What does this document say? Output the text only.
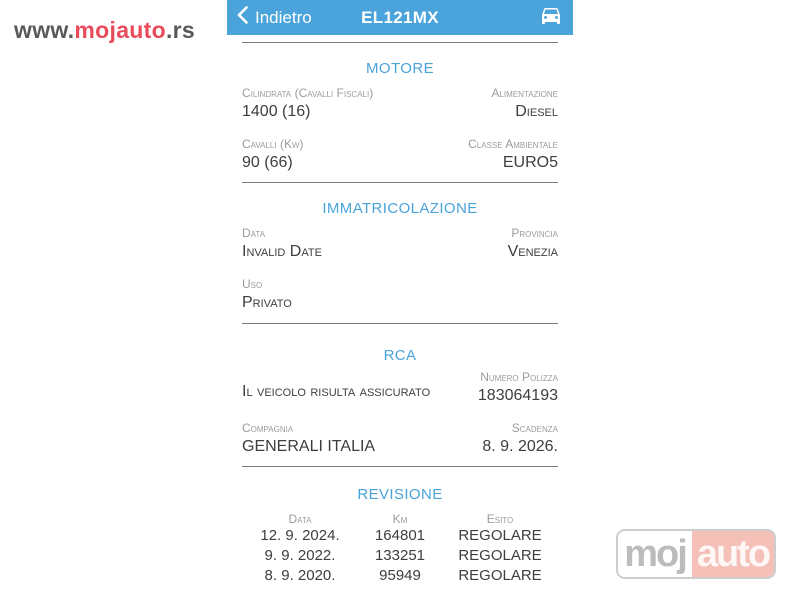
www.mojauto.rs	Indietro	EL121MX
MOTORE
Cilindrata (Cavalli Fiscali)
1400 (16)
Alimentazione
Diesel
Cavalli (Kw)
90 (66)
Classe Ambientale
EURO5
IMMATRICOLAZIONE
Data
Invalid Date
Provincia
Venezia
Uso
Privato
RCA
Il veicolo risulta assicurato
Numero Polizza
183064193
Compagnia
GENERALI ITALIA
Scadenza
8. 9. 2026.
REVISIONE
Data	Km	Esito
12. 9. 2024.	164801	REGOLARE
9. 9. 2022.	133251	REGOLARE
8. 9. 2020.	95949	REGOLARE
moj auto
